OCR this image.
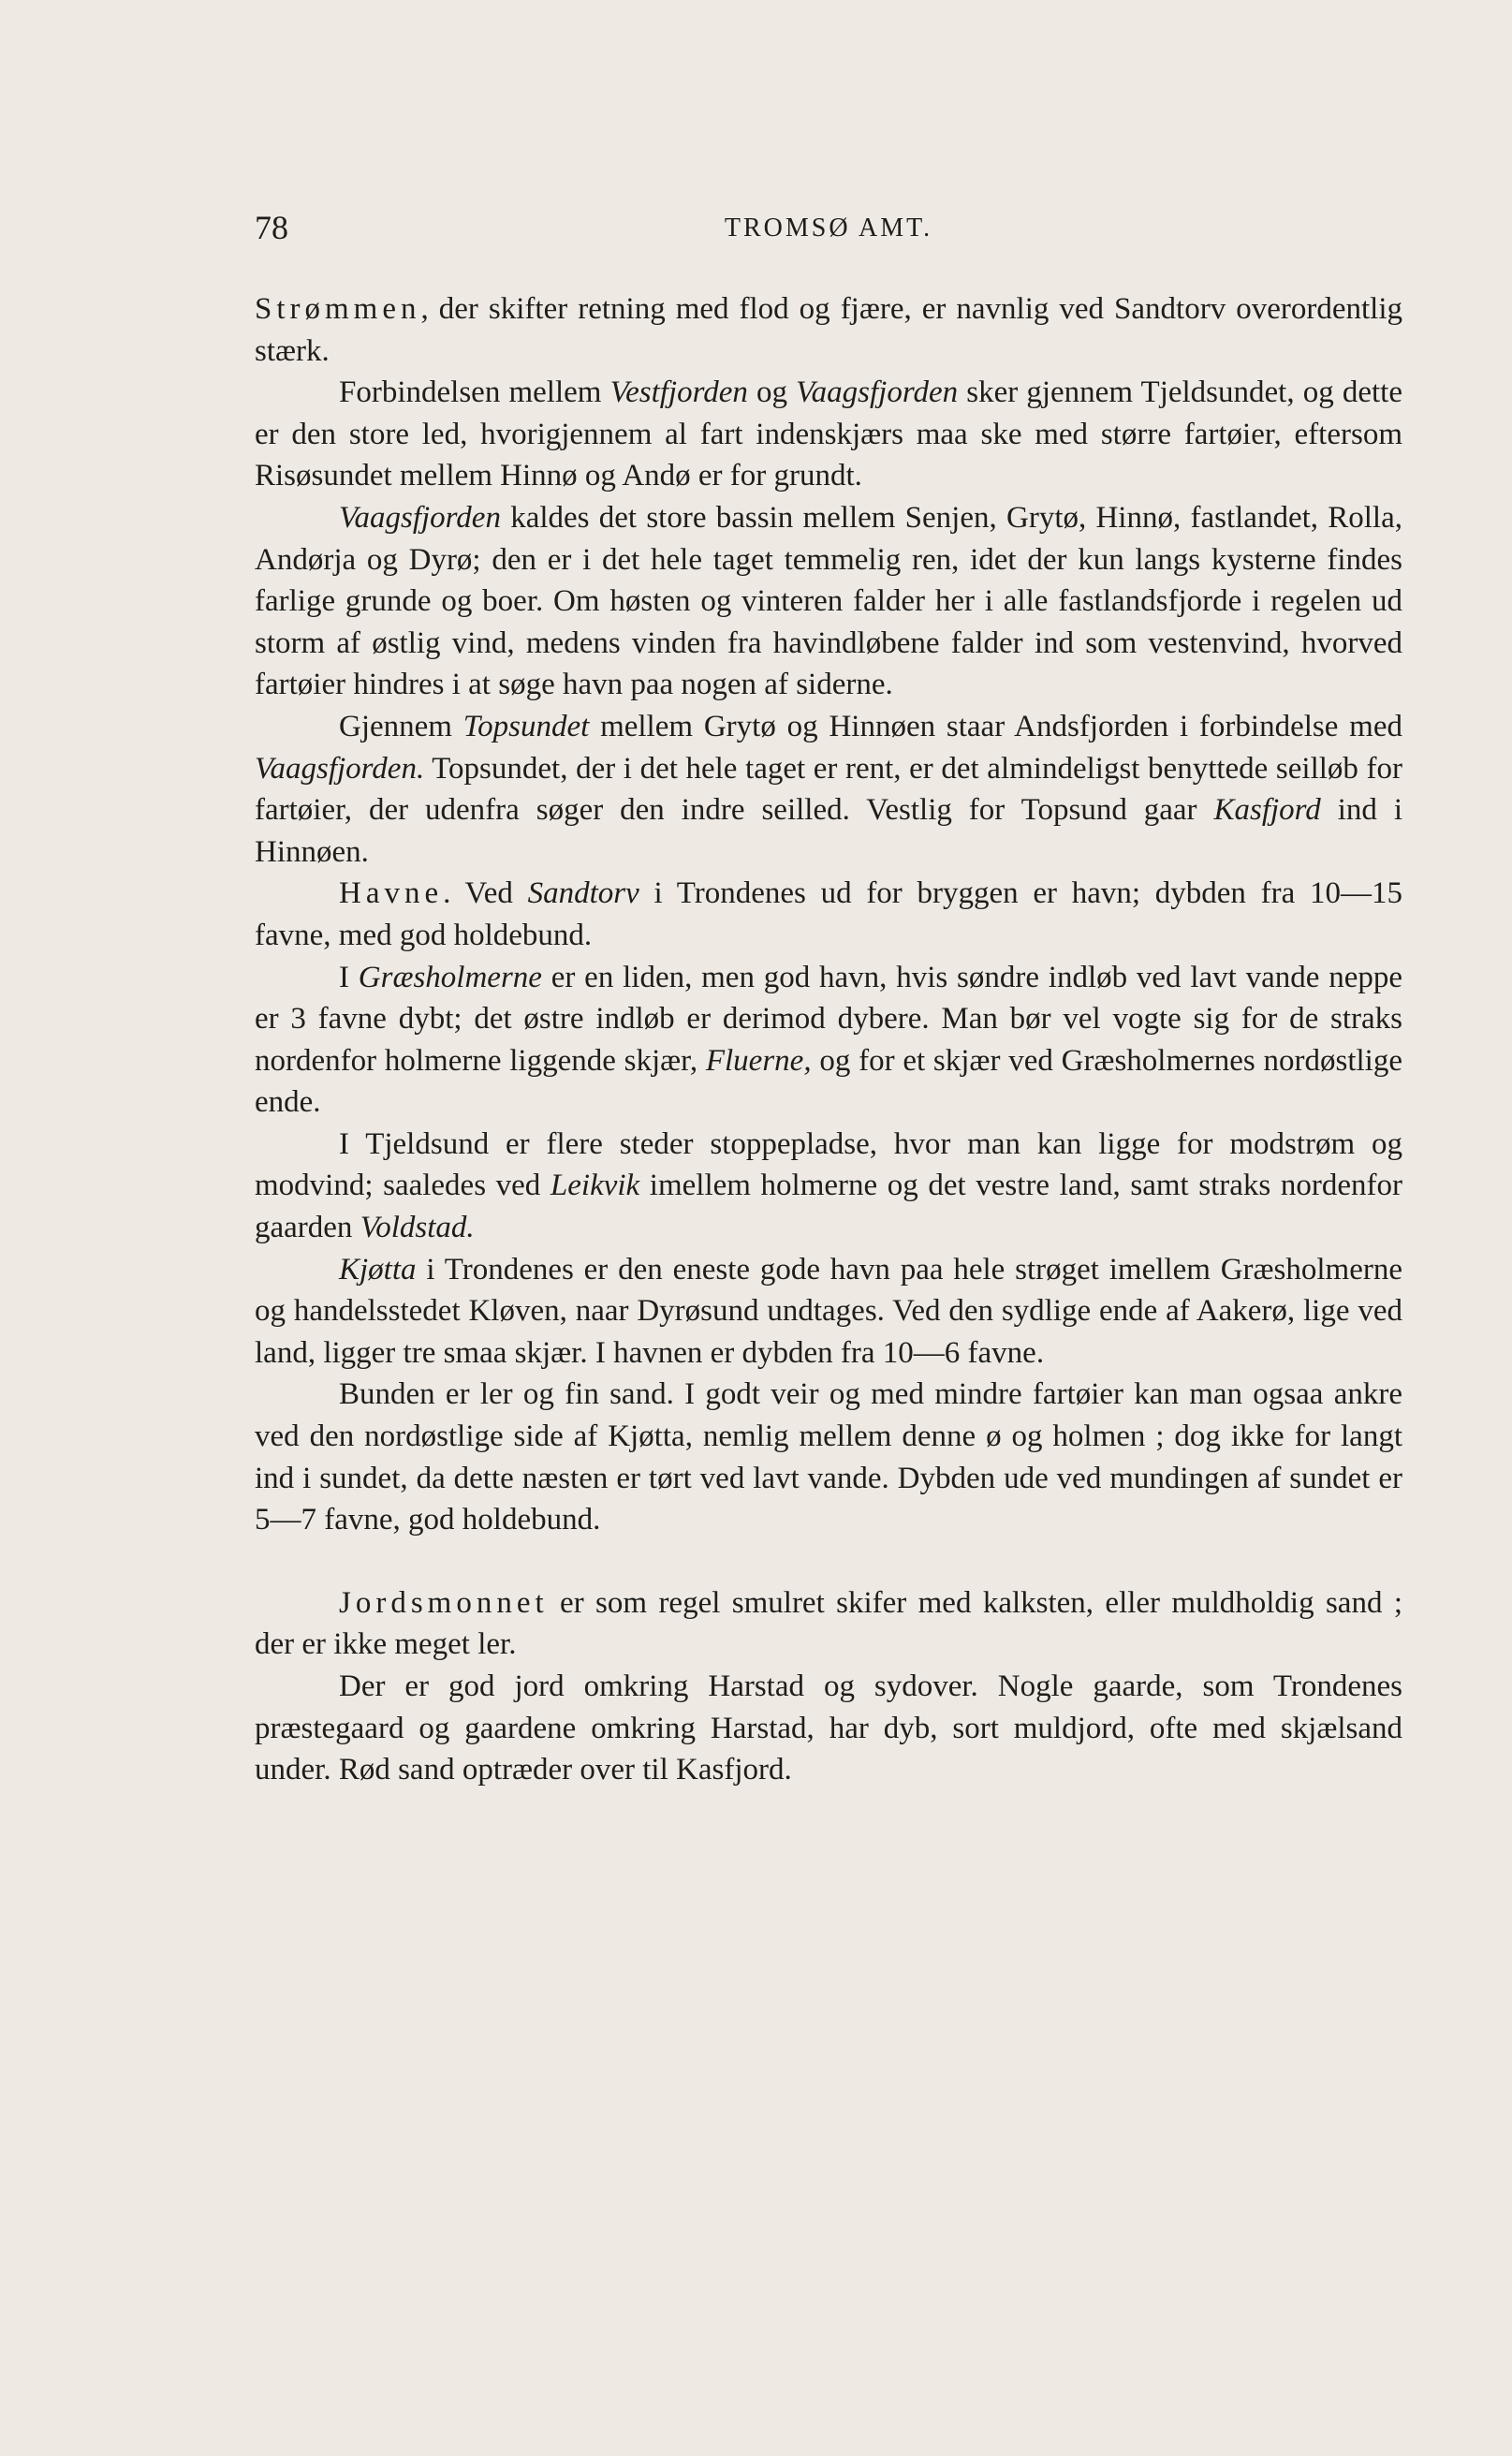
78	TROMSØ AMT.

Strømmen, der skifter retning med flod og fjære, er navnlig ved Sandtorv overordentlig stærk.

Forbindelsen mellem Vestfjorden og Vaagsfjorden sker gjennem Tjeldsundet, og dette er den store led, hvorigjennem al fart indenskjærs maa ske med større fartøier, eftersom Risøsundet mellem Hinnø og Andø er for grundt.

Vaagsfjorden kaldes det store bassin mellem Senjen, Grytø, Hinnø, fastlandet, Rolla, Andørja og Dyrø; den er i det hele taget temmelig ren, idet der kun langs kysterne findes farlige grunde og boer. Om høsten og vinteren falder her i alle fastlandsfjorde i regelen ud storm af østlig vind, medens vinden fra havindløbene falder ind som vestenvind, hvorved fartøier hindres i at søge havn paa nogen af siderne.

Gjennem Topsundet mellem Grytø og Hinnøen staar Andsfjorden i forbindelse med Vaagsfjorden. Topsundet, der i det hele taget er rent, er det almindeligst benyttede seilløb for fartøier, der udenfra søger den indre seilled. Vestlig for Topsund gaar Kasfjord ind i Hinnøen.

Havne. Ved Sandtorv i Trondenes ud for bryggen er havn; dybden fra 10—15 favne, med god holdebund.

I Græsholmerne er en liden, men god havn, hvis søndre indløb ved lavt vande neppe er 3 favne dybt; det østre indløb er derimod dybere. Man bør vel vogte sig for de straks nordenfor holmerne liggende skjær, Fluerne, og for et skjær ved Græsholmernes nordøstlige ende.

I Tjeldsund er flere steder stoppepladse, hvor man kan ligge for modstrøm og modvind; saaledes ved Leikvik imellem holmerne og det vestre land, samt straks nordenfor gaarden Voldstad.

Kjøtta i Trondenes er den eneste gode havn paa hele strøget imellem Græsholmerne og handelsstedet Kløven, naar Dyrøsund undtages. Ved den sydlige ende af Aakerø, lige ved land, ligger tre smaa skjær. I havnen er dybden fra 10—6 favne.

Bunden er ler og fin sand. I godt veir og med mindre fartøier kan man ogsaa ankre ved den nordøstlige side af Kjøtta, nemlig mellem denne ø og holmen ; dog ikke for langt ind i sundet, da dette næsten er tørt ved lavt vande. Dybden ude ved mundingen af sundet er 5—7 favne, god holdebund.

Jordsmonnet er som regel smulret skifer med kalksten, eller muldholdig sand ; der er ikke meget ler.

Der er god jord omkring Harstad og sydover. Nogle gaarde, som Trondenes præstegaard og gaardene omkring Harstad, har dyb, sort muldjord, ofte med skjælsand under. Rød sand optræder over til Kasfjord.
